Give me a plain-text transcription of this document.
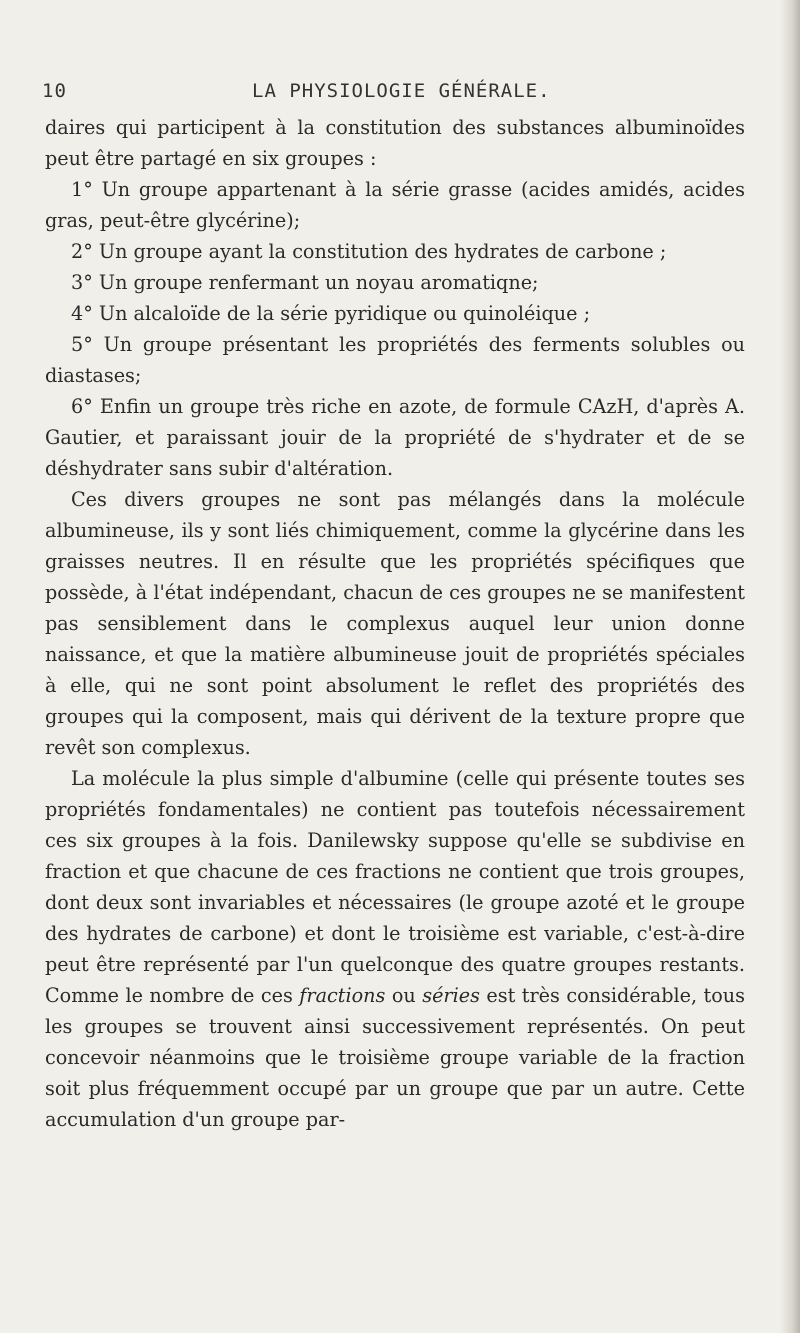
10	LA PHYSIOLOGIE GÉNÉRALE.

daires qui participent à la constitution des substances albuminoïdes peut être partagé en six groupes :

1° Un groupe appartenant à la série grasse (acides amidés, acides gras, peut-être glycérine);

2° Un groupe ayant la constitution des hydrates de carbone ;

3° Un groupe renfermant un noyau aromatiqne;

4° Un alcaloïde de la série pyridique ou quinoléique ;

5° Un groupe présentant les propriétés des ferments solubles ou diastases;

6° Enfin un groupe très riche en azote, de formule CAzH, d'après A. Gautier, et paraissant jouir de la propriété de s'hydrater et de se déshydrater sans subir d'altération.

Ces divers groupes ne sont pas mélangés dans la molécule albumineuse, ils y sont liés chimiquement, comme la glycérine dans les graisses neutres. Il en résulte que les propriétés spécifiques que possède, à l'état indépendant, chacun de ces groupes ne se manifestent pas sensiblement dans le complexus auquel leur union donne naissance, et que la matière albumineuse jouit de propriétés spéciales à elle, qui ne sont point absolument le reflet des propriétés des groupes qui la composent, mais qui dérivent de la texture propre que revêt son complexus.

La molécule la plus simple d'albumine (celle qui présente toutes ses propriétés fondamentales) ne contient pas toutefois nécessairement ces six groupes à la fois. Danilewsky suppose qu'elle se subdivise en fraction et que chacune de ces fractions ne contient que trois groupes, dont deux sont invariables et nécessaires (le groupe azoté et le groupe des hydrates de carbone) et dont le troisième est variable, c'est-à-dire peut être représenté par l'un quelconque des quatre groupes restants. Comme le nombre de ces fractions ou séries est très considérable, tous les groupes se trouvent ainsi successivement représentés. On peut concevoir néanmoins que le troisième groupe variable de la fraction soit plus fréquemment occupé par un groupe que par un autre. Cette accumulation d'un groupe par-
